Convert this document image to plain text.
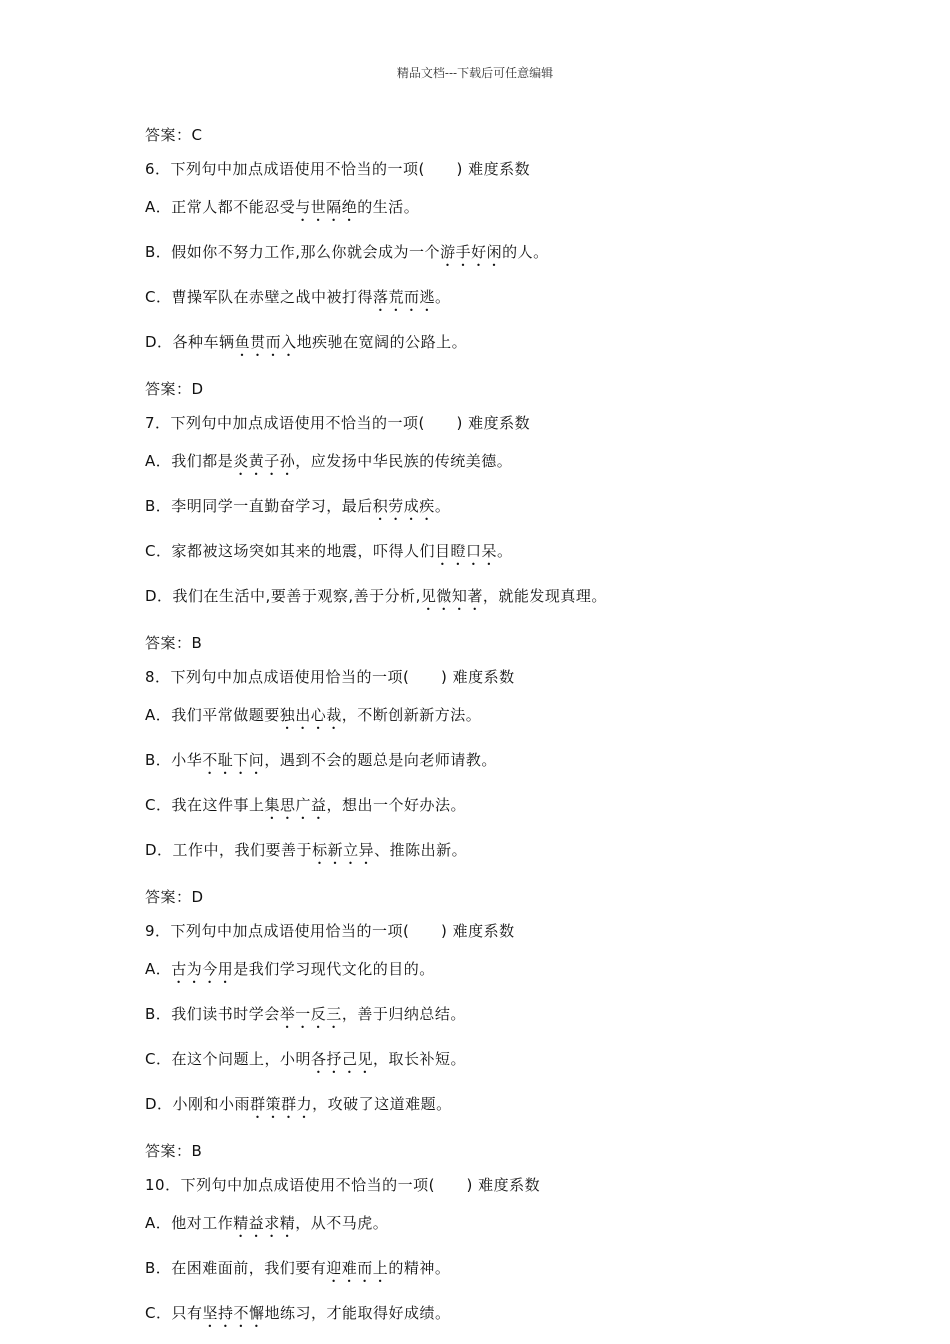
精品文档---下载后可任意编辑
答案：C
6．下列句中加点成语使用不恰当的一项(      ) 难度系数
A．正常人都不能忍受与世隔绝的生活。
B．假如你不努力工作,那么你就会成为一个游手好闲的人。
C．曹操军队在赤壁之战中被打得落荒而逃。
D．各种车辆鱼贯而入地疾驰在宽阔的公路上。
答案：D
7．下列句中加点成语使用不恰当的一项(      ) 难度系数
A．我们都是炎黄子孙，应发扬中华民族的传统美德。
B．李明同学一直勤奋学习，最后积劳成疾。
C．家都被这场突如其来的地震，吓得人们目瞪口呆。
D．我们在生活中,要善于观察,善于分析,见微知著，就能发现真理。
答案：B
8．下列句中加点成语使用恰当的一项(      ) 难度系数
A．我们平常做题要独出心裁，不断创新新方法。
B．小华不耻下问，遇到不会的题总是向老师请教。
C．我在这件事上集思广益，想出一个好办法。
D．工作中，我们要善于标新立异、推陈出新。
答案：D
9．下列句中加点成语使用恰当的一项(      ) 难度系数
A．古为今用是我们学习现代文化的目的。
B．我们读书时学会举一反三，善于归纳总结。
C．在这个问题上，小明各抒己见，取长补短。
D．小刚和小雨群策群力，攻破了这道难题。
答案：B
10．下列句中加点成语使用不恰当的一项(      ) 难度系数
A．他对工作精益求精，从不马虎。
B．在困难面前，我们要有迎难而上的精神。
C．只有坚持不懈地练习，才能取得好成绩。
